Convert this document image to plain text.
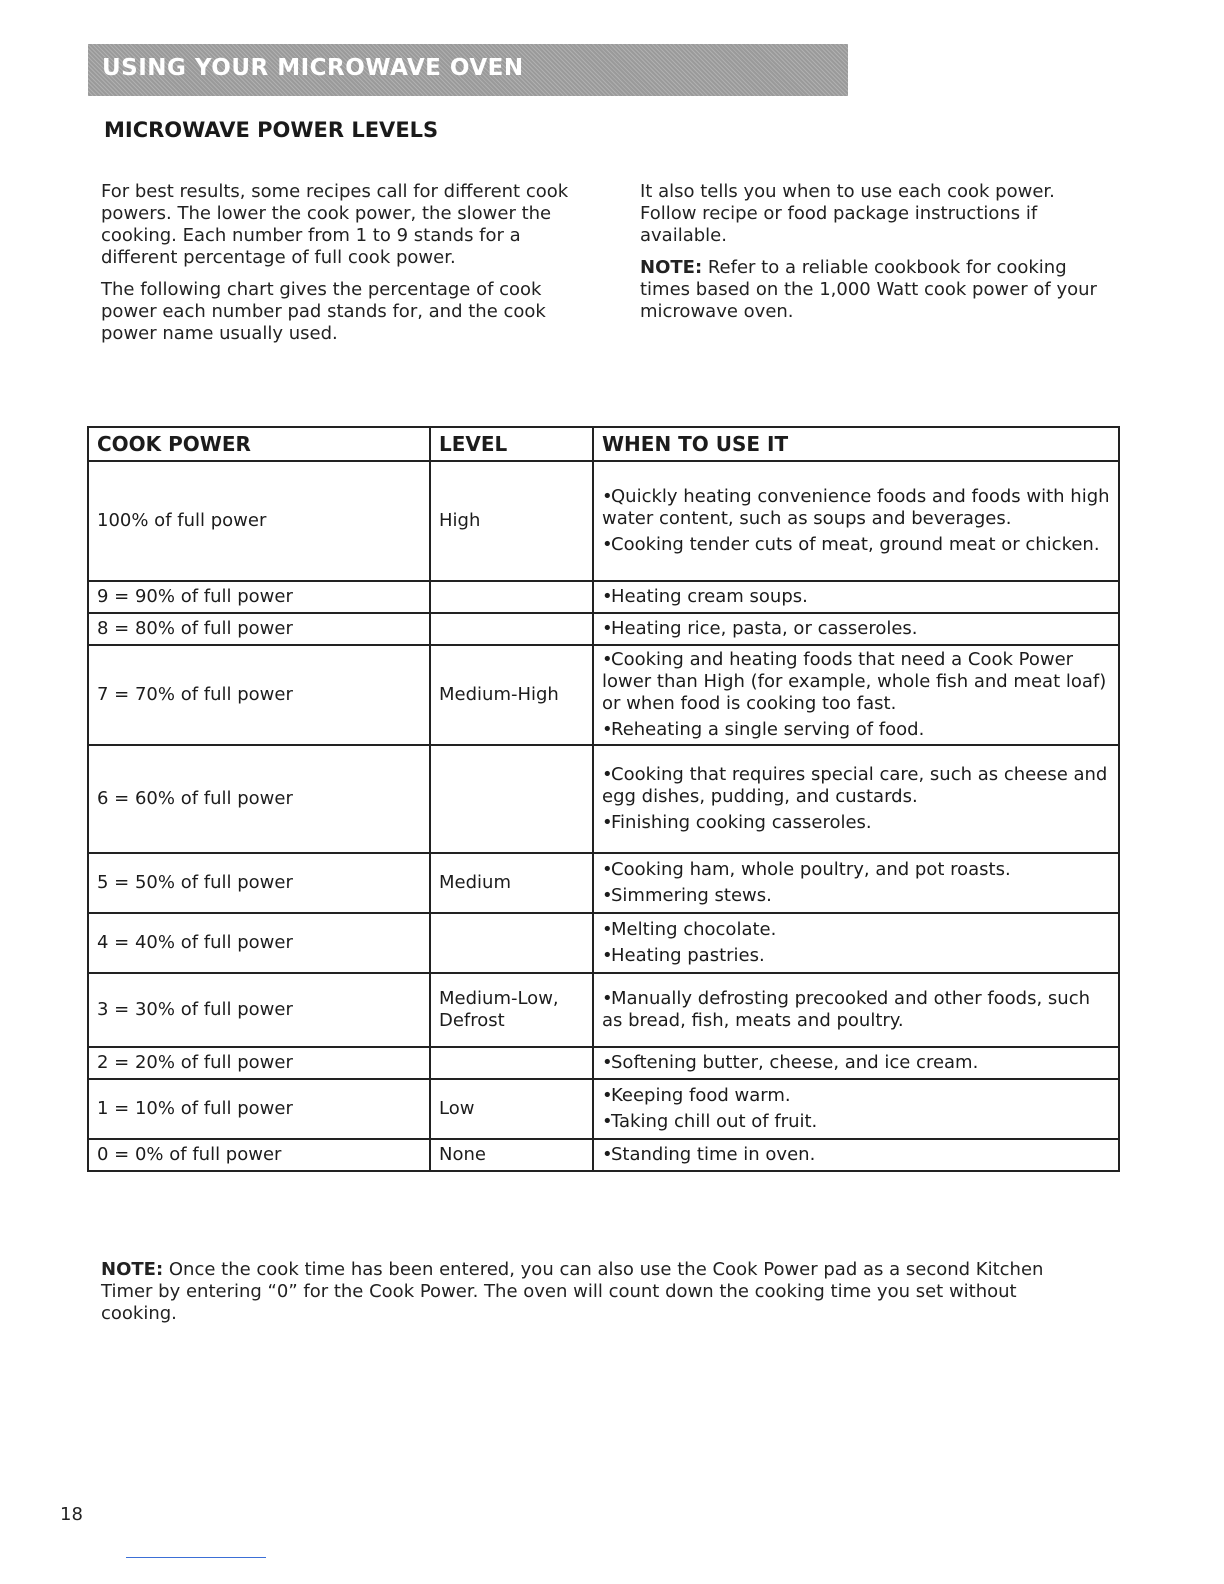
USING YOUR MICROWAVE OVEN
MICROWAVE POWER LEVELS

For best results, some recipes call for different cook powers. The lower the cook power, the slower the cooking. Each number from 1 to 9 stands for a different percentage of full cook power.

The following chart gives the percentage of cook power each number pad stands for, and the cook power name usually used.

It also tells you when to use each cook power. Follow recipe or food package instructions if available.

NOTE: Refer to a reliable cookbook for cooking times based on the 1,000 Watt cook power of your microwave oven.

COOK POWER	LEVEL	WHEN TO USE IT
100% of full power	High	•Quickly heating convenience foods and foods with high water content, such as soups and beverages.
•Cooking tender cuts of meat, ground meat or chicken.

9 = 90% of full power		•Heating cream soups.

8 = 80% of full power		•Heating rice, pasta, or casseroles.

7 = 70% of full power	Medium-High	•Cooking and heating foods that need a Cook Power lower than High (for example, whole fish and meat loaf) or when food is cooking too fast.
•Reheating a single serving of food.

6 = 60% of full power		•Cooking that requires special care, such as cheese and egg dishes, pudding, and custards.
•Finishing cooking casseroles.

5 = 50% of full power	Medium	•Cooking ham, whole poultry, and pot roasts.
•Simmering stews.

4 = 40% of full power		•Melting chocolate.
•Heating pastries.

3 = 30% of full power	Medium-Low, Defrost	•Manually defrosting precooked and other foods, such as bread, fish, meats and poultry.

2 = 20% of full power		•Softening butter, cheese, and ice cream.

1 = 10% of full power	Low	•Keeping food warm.
•Taking chill out of fruit.

0 = 0% of full power	None	•Standing time in oven.
NOTE: Once the cook time has been entered, you can also use the Cook Power pad as a second Kitchen Timer by entering “0” for the Cook Power. The oven will count down the cooking time you set without cooking.
18
